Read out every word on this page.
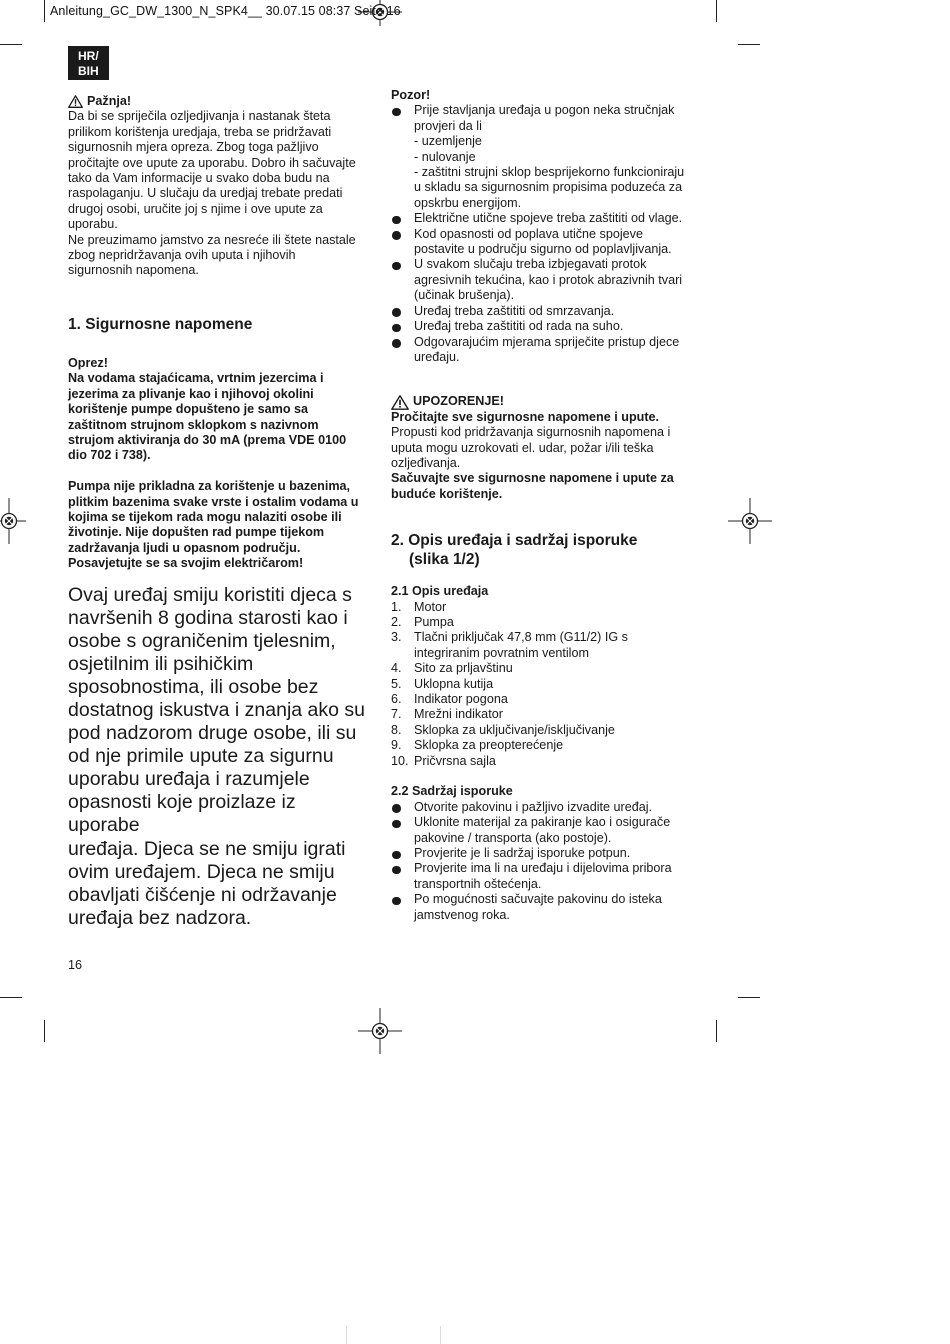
Anleitung_GC_DW_1300_N_SPK4__ 30.07.15 08:37 Seite 16
HR/
BIH
Pažnja!
Da bi se spriječila ozljedjivanja i nastanak šteta
prilikom korištenja uredjaja, treba se pridržavati
sigurnosnih mjera opreza. Zbog toga pažljivo
pročitajte ove upute za uporabu. Dobro ih sačuvajte
tako da Vam informacije u svako doba budu na
raspolaganju. U slučaju da uredjaj trebate predati
drugoj osobi, uručite joj s njime i ove upute za
uporabu.
Ne preuzimamo jamstvo za nesreće ili štete nastale
zbog nepridržavanja ovih uputa i njihovih
sigurnosnih napomena.
1. Sigurnosne napomene
Oprez!
Na vodama stajaćicama, vrtnim jezercima i
jezerima za plivanje kao i njihovoj okolini
korištenje pumpe dopušteno je samo sa
zaštitnom strujnom sklopkom s nazivnom
strujom aktiviranja do 30 mA (prema VDE 0100
dio 702 i 738).
Pumpa nije prikladna za korištenje u bazenima,
plitkim bazenima svake vrste i ostalim vodama u
kojima se tijekom rada mogu nalaziti osobe ili
životinje. Nije dopušten rad pumpe tijekom
zadržavanja ljudi u opasnom području.
Posavjetujte se sa svojim električarom!
Ovaj uređaj smiju koristiti djeca s
navršenih 8 godina starosti kao i
osobe s ograničenim tjelesnim,
osjetilnim ili psihičkim
sposobnostima, ili osobe bez
dostatnog iskustva i znanja ako su
pod nadzorom druge osobe, ili su
od nje primile upute za sigurnu
uporabu uređaja i razumjele
opasnosti koje proizlaze iz uporabe
uređaja. Djeca se ne smiju igrati
ovim uređajem. Djeca ne smiju
obavljati čišćenje ni održavanje
uređaja bez nadzora.
Pozor!
Prije stavljanja uređaja u pogon neka stručnjak
provjeri da li
- uzemljenje
- nulovanje
- zaštitni strujni sklop besprijekorno funkcioniraju
u skladu sa sigurnosnim propisima poduzeća za
opskrbu energijom.
Električne utične spojeve treba zaštititi od vlage.
Kod opasnosti od poplava utične spojeve
postavite u području sigurno od poplavljivanja.
U svakom slučaju treba izbjegavati protok
agresivnih tekućina, kao i protok abrazivnih tvari
(učinak brušenja).
Uređaj treba zaštititi od smrzavanja.
Uređaj treba zaštititi od rada na suho.
Odgovarajućim mjerama spriječite pristup djece
uređaju.
UPOZORENJE!
Pročitajte sve sigurnosne napomene i upute.
Propusti kod pridržavanja sigurnosnih napomena i
uputa mogu uzrokovati el. udar, požar i/ili teška
ozljeđivanja.
Sačuvajte sve sigurnosne napomene i upute za
buduće korištenje.
2. Opis uređaja i sadržaj isporuke
(slika 1/2)
2.1 Opis uređaja
1. Motor
2. Pumpa
3. Tlačni priključak 47,8 mm (G11/2) IG s
integriranim povratnim ventilom
4. Sito za prljavštinu
5. Uklopna kutija
6. Indikator pogona
7. Mrežni indikator
8. Sklopka za uključivanje/isključivanje
9. Sklopka za preopterećenje
10. Pričvrsna sajla
2.2 Sadržaj isporuke
Otvorite pakovinu i pažljivo izvadite uređaj.
Uklonite materijal za pakiranje kao i osiguračе
pakovine / transporta (ako postoje).
Provjerite je li sadržaj isporuke potpun.
Provjerite ima li na uređaju i dijelovima pribora
transportnih oštećenja.
Po mogućnosti sačuvajte pakovinu do isteka
jamstvenog roka.
16
